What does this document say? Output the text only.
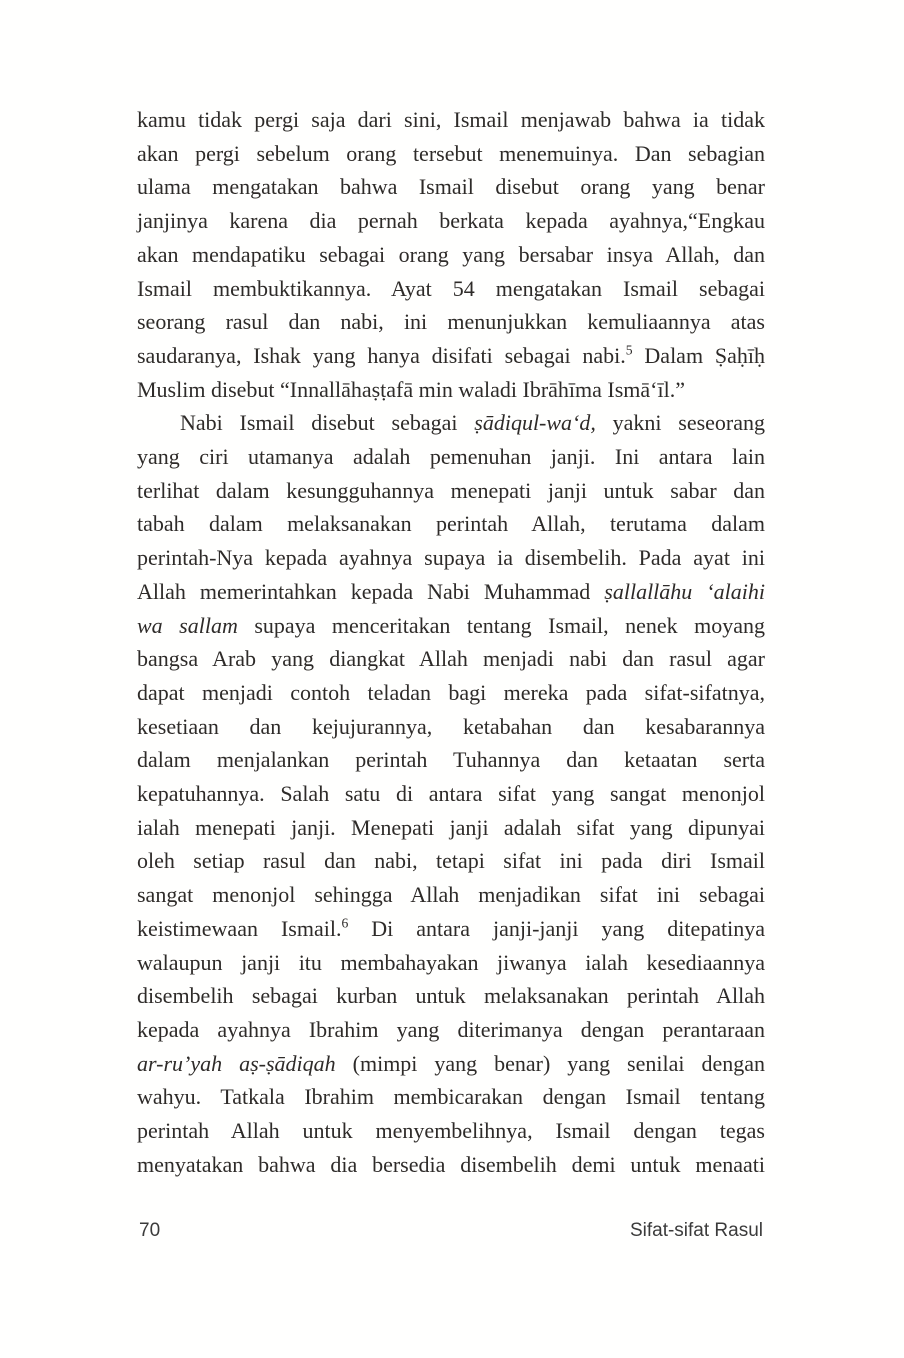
kamu tidak pergi saja dari sini, Ismail menjawab bahwa ia tidak
akan pergi sebelum orang tersebut menemuinya. Dan sebagian
ulama mengatakan bahwa Ismail disebut orang yang benar
janjinya karena dia pernah berkata kepada ayahnya,“Engkau
akan mendapatiku sebagai orang yang bersabar insya Allah, dan
Ismail membuktikannya. Ayat 54 mengatakan Ismail sebagai
seorang rasul dan nabi, ini menunjukkan kemuliaannya atas
saudaranya, Ishak yang hanya disifati sebagai nabi.$^5$ Dalam Ṣaḥīḥ
Muslim disebut “Innallāhaṣṭafā min waladi Ibrāhīma Ismā‘īl.”
Nabi Ismail disebut sebagai ṣādiqul-wa‘d, yakni seseorang
yang ciri utamanya adalah pemenuhan janji. Ini antara lain
terlihat dalam kesungguhannya menepati janji untuk sabar dan
tabah dalam melaksanakan perintah Allah, terutama dalam
perintah-Nya kepada ayahnya supaya ia disembelih. Pada ayat ini
Allah memerintahkan kepada Nabi Muhammad ṣallallāhu ‘alaihi
wa sallam supaya menceritakan tentang Ismail, nenek moyang
bangsa Arab yang diangkat Allah menjadi nabi dan rasul agar
dapat menjadi contoh teladan bagi mereka pada sifat-sifatnya,
kesetiaan dan kejujurannya, ketabahan dan kesabarannya
dalam menjalankan perintah Tuhannya dan ketaatan serta
kepatuhannya. Salah satu di antara sifat yang sangat menonjol
ialah menepati janji. Menepati janji adalah sifat yang dipunyai
oleh setiap rasul dan nabi, tetapi sifat ini pada diri Ismail
sangat menonjol sehingga Allah menjadikan sifat ini sebagai
keistimewaan Ismail.$^6$ Di antara janji-janji yang ditepatinya
walaupun janji itu membahayakan jiwanya ialah kesediaannya
disembelih sebagai kurban untuk melaksanakan perintah Allah
kepada ayahnya Ibrahim yang diterimanya dengan perantaraan
ar-ru’yah aṣ-ṣādiqah (mimpi yang benar) yang senilai dengan
wahyu. Tatkala Ibrahim membicarakan dengan Ismail tentang
perintah Allah untuk menyembelihnya, Ismail dengan tegas
menyatakan bahwa dia bersedia disembelih demi untuk menaati
70	Sifat-sifat Rasul
